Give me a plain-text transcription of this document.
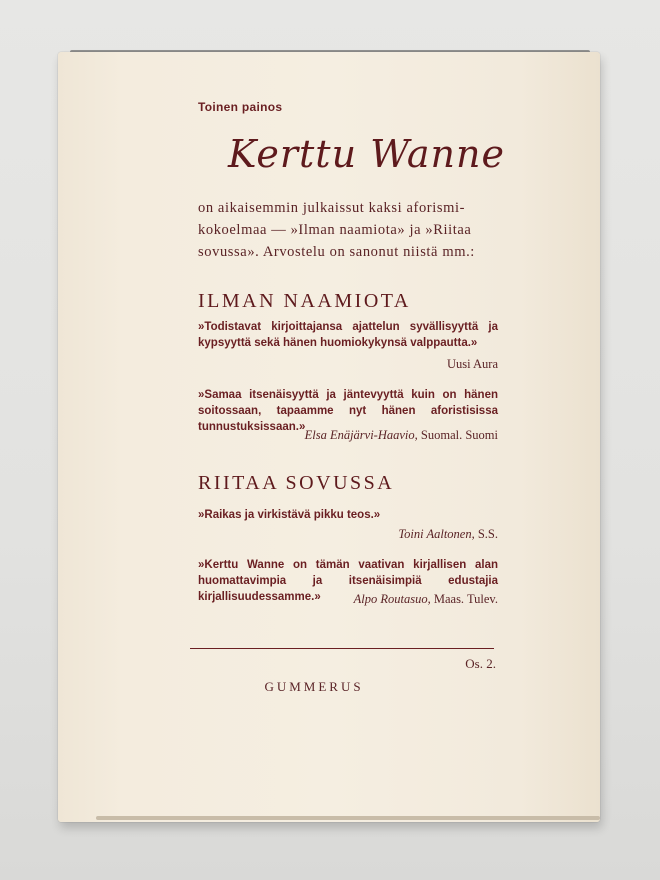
Toinen painos
Kerttu Wanne
on aikaisemmin julkaissut kaksi aforismi-kokoelmaa — »Ilman naamiota» ja »Riitaa sovussa». Arvostelu on sanonut niistä mm.:
ILMAN NAAMIOTA
»Todistavat kirjoittajansa ajattelun syvällisyyttä ja kypsyyttä sekä hänen huomiokykynsä valppautta.»
Uusi Aura
»Samaa itsenäisyyttä ja jäntevyyttä kuin on hänen soitossaan, tapaamme nyt hänen aforistisissa tunnustuksissaan.»
Elsa Enäjärvi-Haavio, Suomal. Suomi
RIITAA SOVUSSA
»Raikas ja virkistävä pikku teos.»
Toini Aaltonen, S.S.
»Kerttu Wanne on tämän vaativan kirjallisen alan huomattavimpia ja itsenäisimpiä edustajia kirjallisuudessamme.»	Alpo Routasuo, Maas. Tulev.
Os. 2.
GUMMERUS
